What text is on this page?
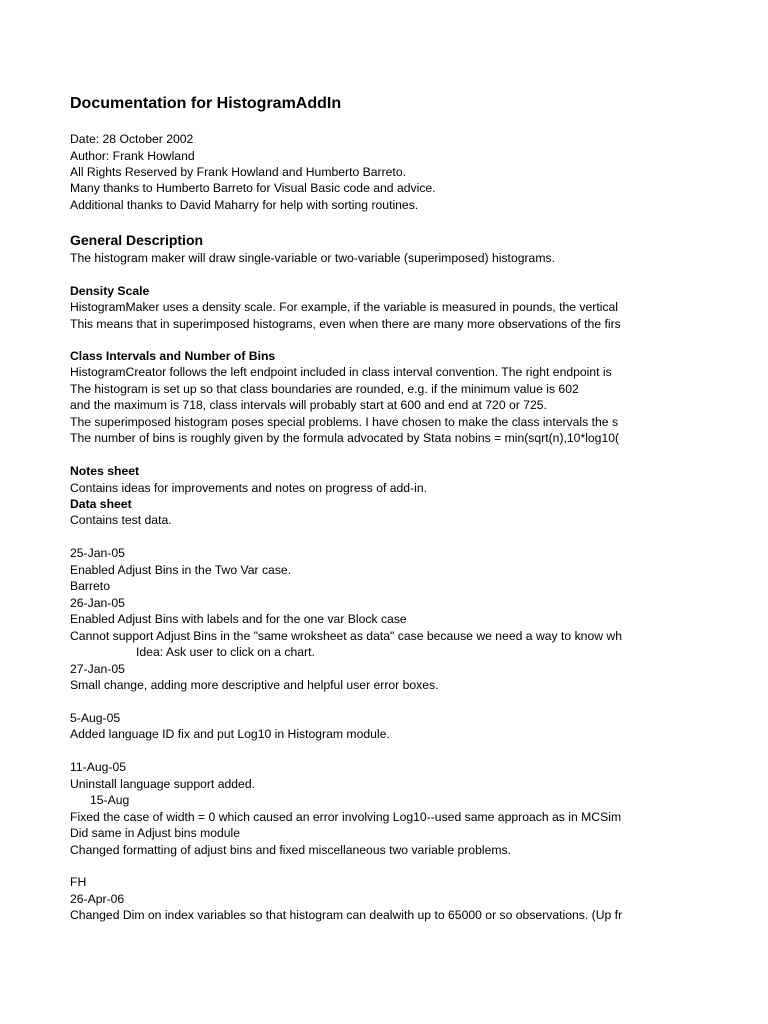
Documentation for HistogramAddIn
Date: 28 October 2002
Author: Frank Howland
All Rights Reserved by Frank Howland and Humberto Barreto.
Many thanks to Humberto Barreto for Visual Basic code and advice.
Additional thanks to David Maharry for help with sorting routines.
General Description
The histogram maker will draw single-variable or two-variable (superimposed) histograms.
Density Scale
HistogramMaker uses a density scale. For example, if the variable is measured in pounds, the vertical
This means that in superimposed histograms, even when there are many more observations of the firs
Class Intervals and Number of Bins
HistogramCreator follows the left endpoint included in class interval convention. The right endpoint is
The histogram is set up so that class boundaries are rounded, e.g. if the minimum value is 602
and the maximum is 718, class intervals will probably start at 600 and end at 720 or 725.
The superimposed histogram poses special problems. I have chosen to make the class intervals the s
The number of bins is roughly given by the formula advocated by Stata nobins = min(sqrt(n),10*log10(
Notes sheet
Contains ideas for improvements and notes on progress of add-in.
Data sheet
Contains test data.
25-Jan-05
Enabled Adjust Bins in the Two Var case.
Barreto
26-Jan-05
Enabled Adjust Bins with labels and for the one var Block case
Cannot support Adjust Bins in the "same wroksheet as data" case because we need a way to know wh
Idea: Ask user to click on a chart.
27-Jan-05
Small change, adding more descriptive and helpful user error boxes.
5-Aug-05
Added language ID fix and put Log10 in Histogram module.
11-Aug-05
Uninstall language support added.
15-Aug
Fixed the case of width = 0 which caused an error involving Log10--used same approach as in MCSim
Did same in Adjust bins module
Changed formatting of adjust bins and fixed miscellaneous two variable problems.
FH
26-Apr-06
Changed Dim on index variables so that histogram can dealwith up to 65000 or so observations. (Up fr
